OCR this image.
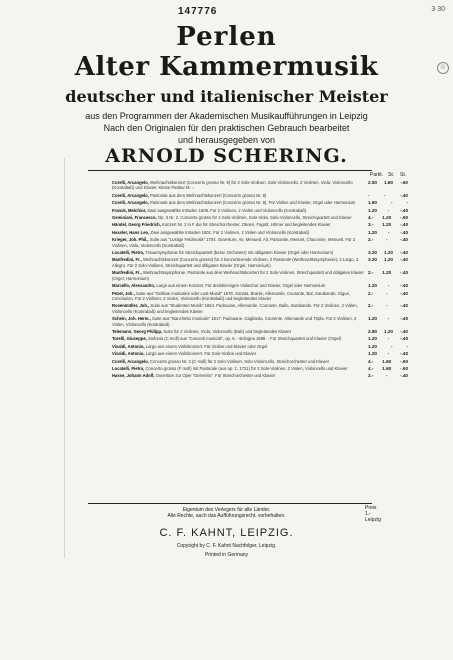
147776	3 30
☉
Perlen
Alter Kammermusik
deutscher und italienischer Meister
aus den Programmen der Akademischen Musikaufführungen in Leipzig
Nach den Originalen für den praktischen Gebrauch bearbeitet
und herausgegeben von
ARNOLD SCHERING.
Partit. St. St.
Corelli, Arcangelo, Weihnachtskonzert (Concerto grosso Nr. 8) für 2 Solo-Violinen, Solo-Violoncello, 2 Violinen, Viola, Violoncello (Kontrabaß) und Klavier. Kleine Partitur M. -.
2.50 1.60 -.60
Corelli, Arcangelo, Pastorale aus dem Weihnachtskonzert (Concerto grosso Nr. 8)	-	-	-.40
Corelli, Arcangelo, Pastorale aus dem Weihnachtskonzert (Concerto grosso Nr. 8). Für Violine und Klavier, Orgel oder Harmonium	1.60	-	-
Franck, Melchior, Zwei ausgewählte Intraden 1608. Für 2 Violinen, 2 Violen und Violoncello (Kontrabaß)	1.20 - -.40
Geminiani, Francesco, Op. 3 Nr. 2. Concerto grosso für 2 Solo-Violinen, Solo-Viola, Solo-Violoncello, Streichquartett und Klavier	4.- 1.20 -.60
Händel, Georg Friedrich, Konzert Nr. 2 in F dur für Streichorchester, Oboen, Fagott, Hörner und begleitendes Klavier	3.- 1.20 -.40
Hassler, Hans Leo, Zwei ausgewählte Intraden 1601. Für 2 Violinen, 2 Violen und Violoncello (Kontrabaß)	1.20 - -.40
Krieger, Joh. Phil., Suite aus "Lustige Feldmusik" 1704. Ouverture, Air, Menuett, Air, Pastorale, Menuet, Chaconne, Menuett. Für 2 Violinen, Viola, Violoncello (Kontrabaß)
2.-	-	-.40
Locatelli, Pietro, Trauersymphonie für Streichquartett (bezw. Orchester) mit obligatem Klavier (Orgel oder Harmonium)	3.20 1.20 -.40
Manfredini, Fr., Weihnachtskonzert (Concerto grosso) für 2 konzertierende Violinen, 2 Pastorale (Weihnachtssymphonie), 2 Largo, 3 Allegro. Für 2 Solo-Violinen, Streichquartett und obligates Klavier (Orgel, Harmonium)
3.20 1.20 -.40
Manfredini, Fr., Weihnachtssymphonie. Pastorale aus dem Weihnachtskonzert für 2 Solo-Violinen, Streichquartett und obligates Klavier (Orgel, Harmonium)
2.- 1.20 -.40
Marcello, Alessandro, Largo aus einem Konzert. Für dreistimmigen Violinchor und Klavier, Orgel oder Harmonium	1.20 - -.40
Pezel, Joh., Suite aus "Delitiae musicales oder Lust-Musik" 1678. Sonata, Branle, Allemande, Courante, Bal, Sarabande, Gigue, Conclusion. Für 2 Violinen, 2 Violen, Violoncello (Kontrabaß) und begleitendes Klavier
2.-	-	-.40
Rosenmüller, Joh., Suite aus "Studenten-Musik" 1654. Padouane, Allemande, Courante, Ballo, Sarabande. Für 2 Violinen, 2 Violen, Violoncello (Kontrabaß) und begleitendes Klavier
2.-	-	-.40
Schein, Joh. Herm., Suite aus "Banchetto musicale" 1617. Padouane, Gagliarda, Courente, Allemande und Tripla. Für 2 Violinen, 2 Violen, Violoncello (Kontrabaß)
1.20 - -.40
Telemann, Georg Philipp, Suite für 2 Violinen, Viola, Violoncello (Baß) und begleitendes Klavier	2.80 1.20 -.40
Torelli, Giuseppe, Sinfonia (C moll) aus "Concerti musicali", op. 6. - Bologna 1698. - Für Streichquartett und Klavier (Orgel)	1.20 - -.40
Vivaldi, Antonio, Largo aus einem Violinkonzert. Für Violine und Klavier oder Orgel	1.20	-	-
Vivaldi, Antonio, Largo aus einem Violinkonzert. Für Solo-Violine und Klavier	1.20 - -.40
Corelli, Arcangelo, Concerto grosso Nr. 3 (C moll) für 2 Solo-Violinen, Solo-Violoncello, Streichorchester und Klavier	4.- 1.60 -.60
Locatelli, Pietro, Concerto grosso (F moll) mit Pastorale (aus op. 1, 1721) für 2 Solo-Violinen, 2 Violen, Violoncello und Klavier	4.- 1.60 -.60
Hasse, Johann Adolf, Ouvertüre zur Oper "Demetrio". Für Streichorchester und Klavier	3.-	-	-.40
Eigentum des Verlegers für alle Länder.
Alle Rechte, auch das Aufführungsrecht, vorbehalten.
Preis
1.-
Leipzig
C. F. KAHNT, LEIPZIG.
Copyright by C. F. Kahnt Nachfolger, Leipzig.
Printed in Germany
